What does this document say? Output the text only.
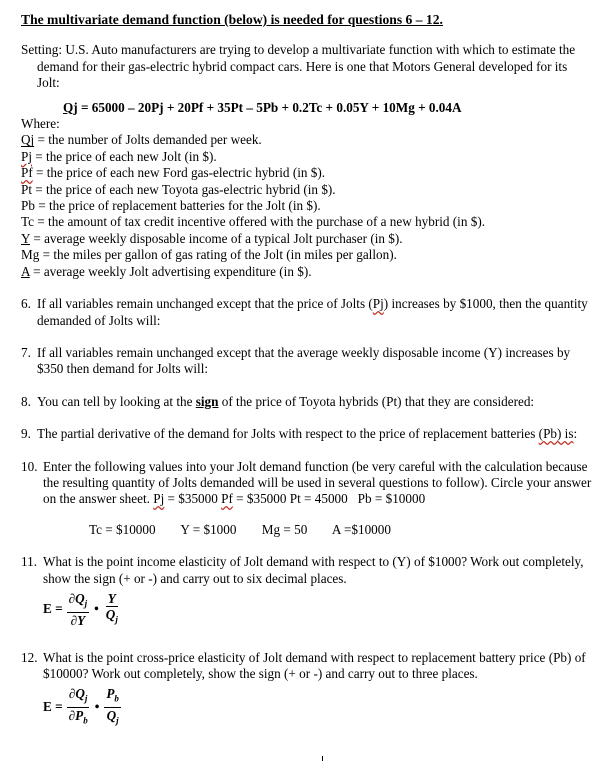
The multivariate demand function (below) is needed for questions 6 – 12.
Setting: U.S. Auto manufacturers are trying to develop a multivariate function with which to estimate the demand for their gas-electric hybrid compact cars. Here is one that Motors General developed for its Jolt:
Qj = 65000 – 20Pj + 20Pf + 35Pt – 5Pb + 0.2Tc + 0.05Y + 10Mg + 0.04A
Where:
Qj = the number of Jolts demanded per week.
Pj = the price of each new Jolt (in $).
Pf = the price of each new Ford gas-electric hybrid (in $).
Pt = the price of each new Toyota gas-electric hybrid (in $).
Pb = the price of replacement batteries for the Jolt (in $).
Tc = the amount of tax credit incentive offered with the purchase of a new hybrid (in $).
Y = average weekly disposable income of a typical Jolt purchaser (in $).
Mg = the miles per gallon of gas rating of the Jolt (in miles per gallon).
A = average weekly Jolt advertising expenditure (in $).
6. If all variables remain unchanged except that the price of Jolts (Pj) increases by $1000, then the quantity demanded of Jolts will:
7. If all variables remain unchanged except that the average weekly disposable income (Y) increases by $350 then demand for Jolts will:
8. You can tell by looking at the sign of the price of Toyota hybrids (Pt) that they are considered:
9. The partial derivative of the demand for Jolts with respect to the price of replacement batteries (Pb) is:
10. Enter the following values into your Jolt demand function (be very careful with the calculation because the resulting quantity of Jolts demanded will be used in several questions to follow). Circle your answer on the answer sheet. Pj = $35000 Pf = $35000 Pt = 45000 Pb = $10000
Tc = $10000 Y = $1000 Mg = 50 A =$10000
11. What is the point income elasticity of Jolt demand with respect to (Y) of $1000? Work out completely, show the sign (+ or -) and carry out to six decimal places.
$E = \frac{\partial Q_j}{\partial Y}$ • $\frac{Y}{Q_j}$
12. What is the point cross-price elasticity of Jolt demand with respect to replacement battery price (Pb) of $10000? Work out completely, show the sign (+ or -) and carry out to three places.
$E = \frac{\partial Q_j}{\partial P_b}$ • $\frac{P_b}{Q_j}$
